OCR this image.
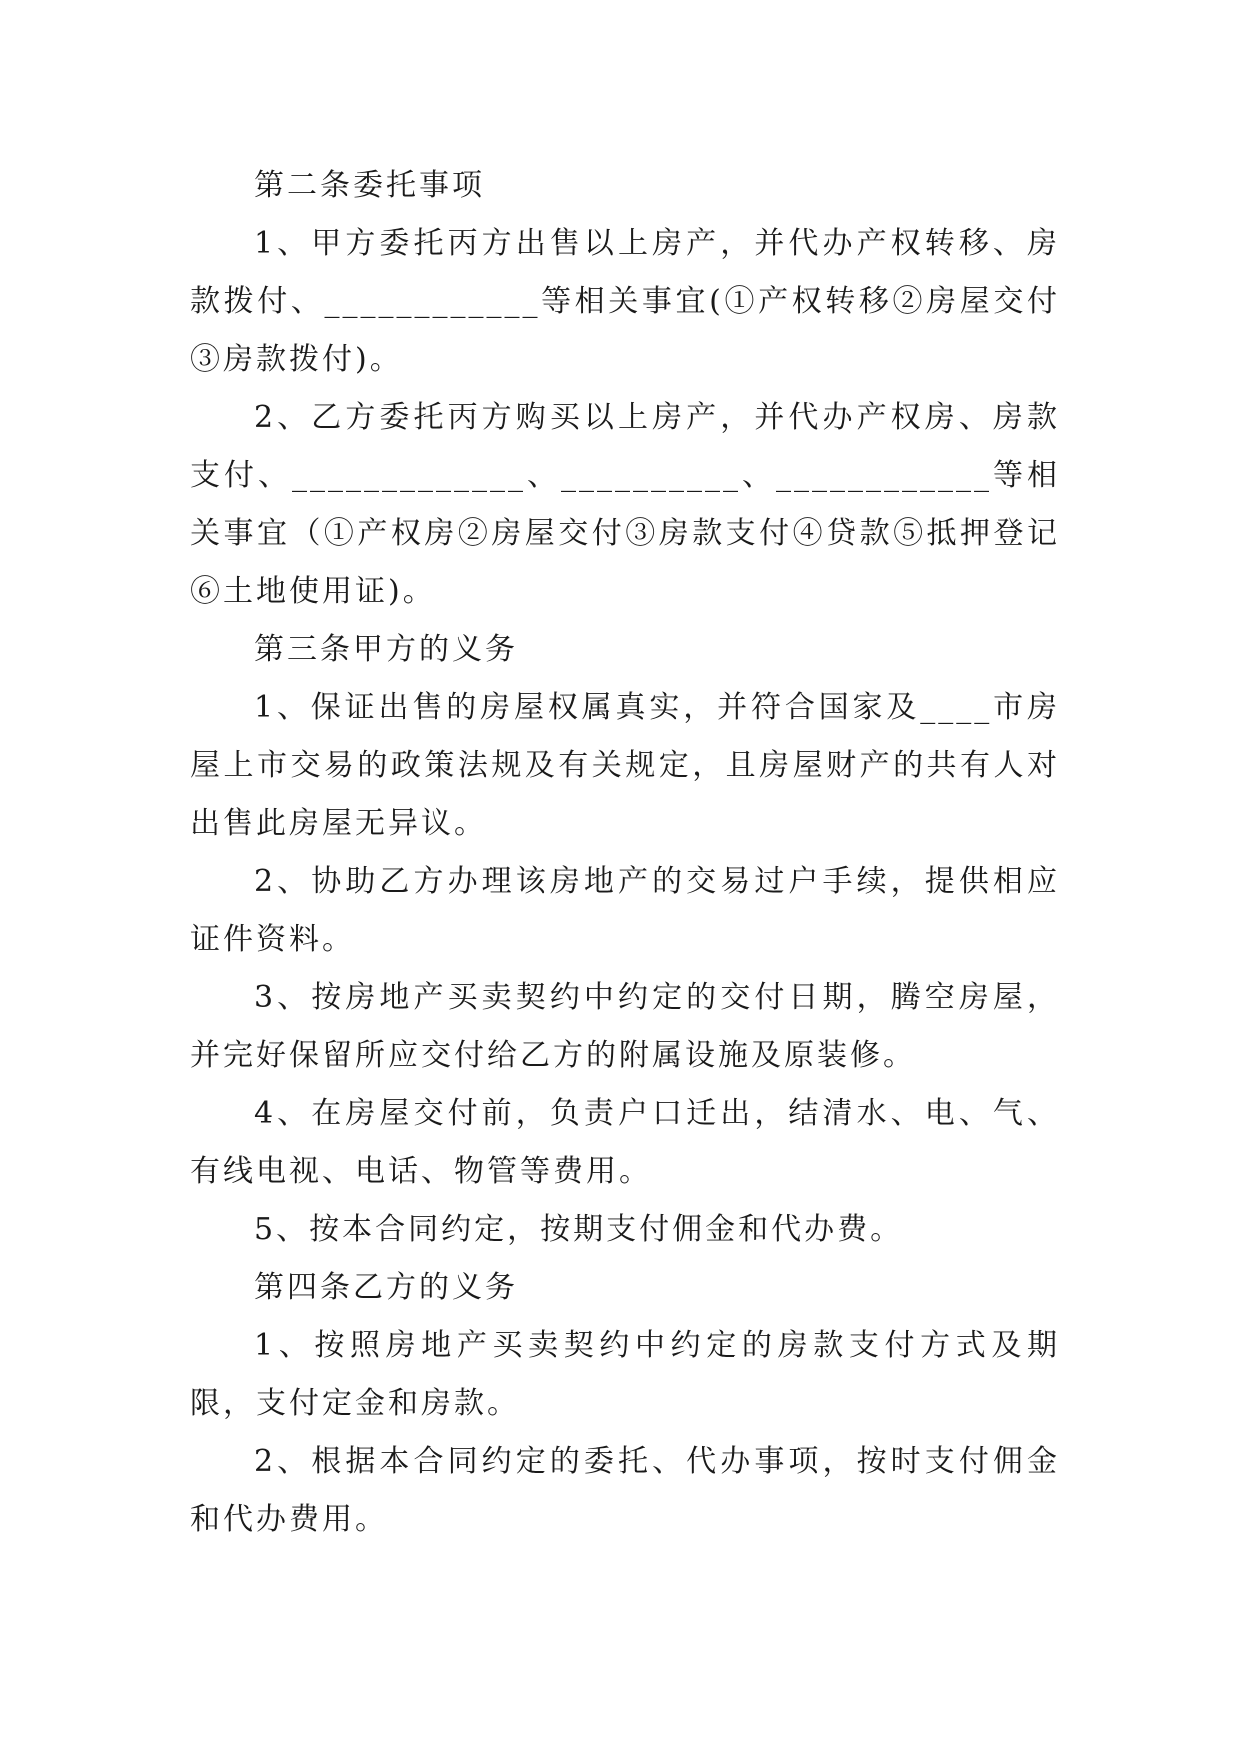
第二条委托事项

1、甲方委托丙方出售以上房产，并代办产权转移、房款拨付、____________等相关事宜(①产权转移②房屋交付③房款拨付)。

2、乙方委托丙方购买以上房产，并代办产权房、房款支付、_____________、__________、____________等相关事宜（①产权房②房屋交付③房款支付④贷款⑤抵押登记⑥土地使用证)。

第三条甲方的义务

1、保证出售的房屋权属真实，并符合国家及____市房屋上市交易的政策法规及有关规定，且房屋财产的共有人对出售此房屋无异议。

2、协助乙方办理该房地产的交易过户手续，提供相应证件资料。

3、按房地产买卖契约中约定的交付日期，腾空房屋，并完好保留所应交付给乙方的附属设施及原装修。

4、在房屋交付前，负责户口迁出，结清水、电、气、有线电视、电话、物管等费用。

5、按本合同约定，按期支付佣金和代办费。

第四条乙方的义务

1、按照房地产买卖契约中约定的房款支付方式及期限，支付定金和房款。

2、根据本合同约定的委托、代办事项，按时支付佣金和代办费用。
